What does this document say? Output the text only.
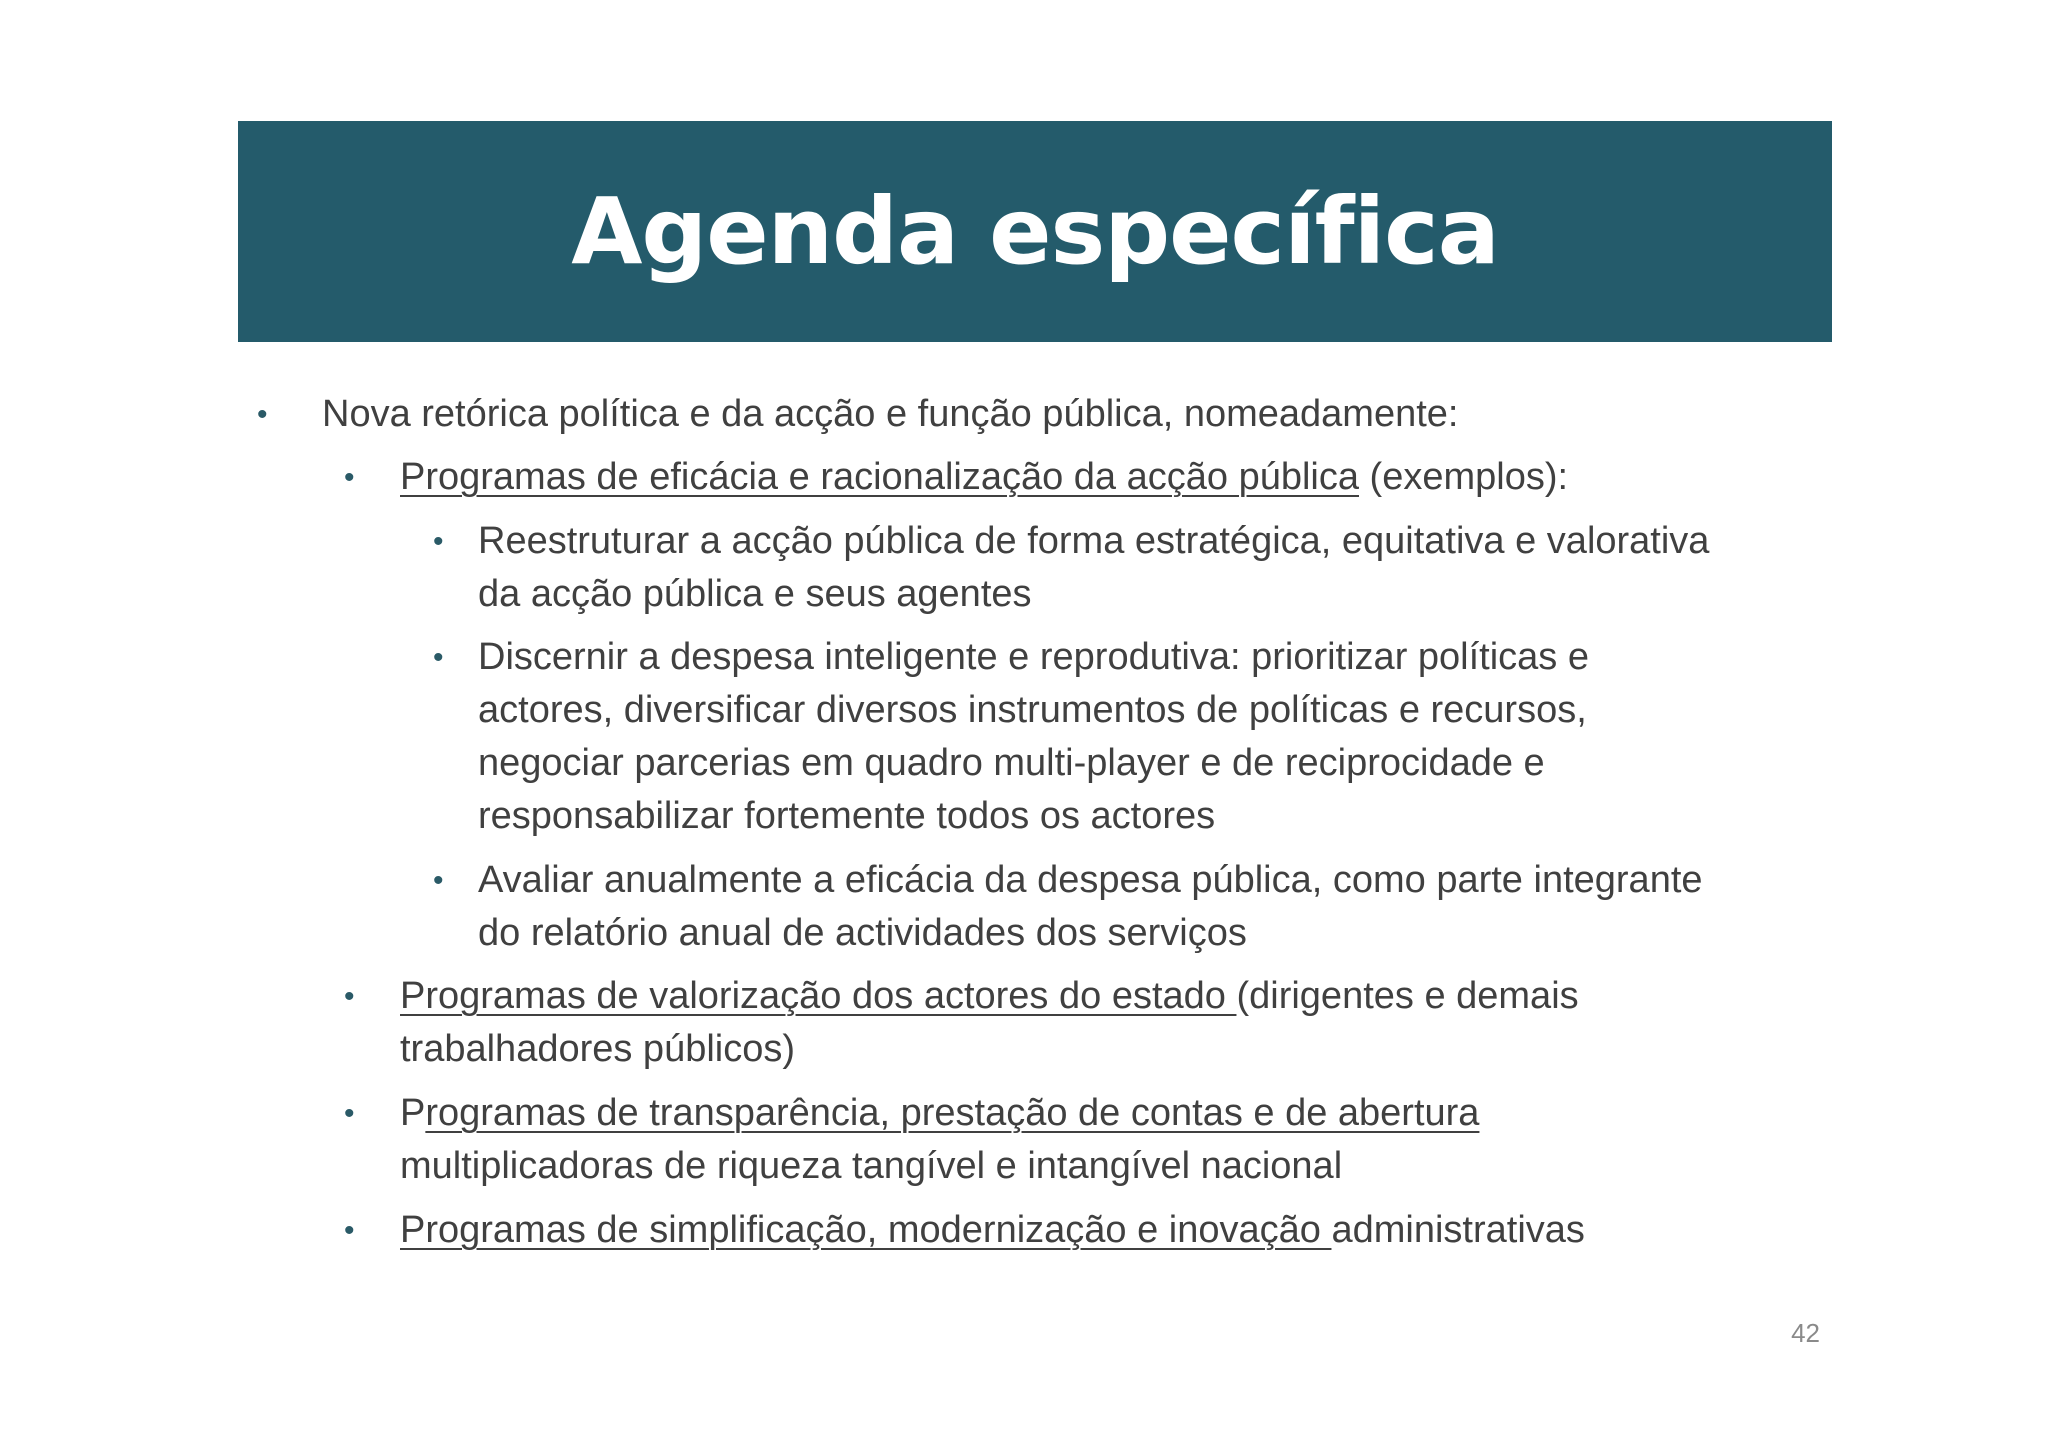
Agenda específica
• Nova retórica política e da acção e função pública, nomeadamente:
• Programas de eficácia e racionalização da acção pública (exemplos):
• Reestruturar a acção pública de forma estratégica, equitativa e valorativa
da acção pública e seus agentes
• Discernir a despesa inteligente e reprodutiva: prioritizar políticas e
actores, diversificar diversos instrumentos de políticas e recursos,
negociar parcerias em quadro multi-player e de reciprocidade e
responsabilizar fortemente todos os actores
• Avaliar anualmente a eficácia da despesa pública, como parte integrante
do relatório anual de actividades dos serviços
• Programas de valorização dos actores do estado (dirigentes e demais
trabalhadores públicos)
• Programas de transparência, prestação de contas e de abertura
multiplicadoras de riqueza tangível e intangível nacional
• Programas de simplificação, modernização e inovação administrativas
42
